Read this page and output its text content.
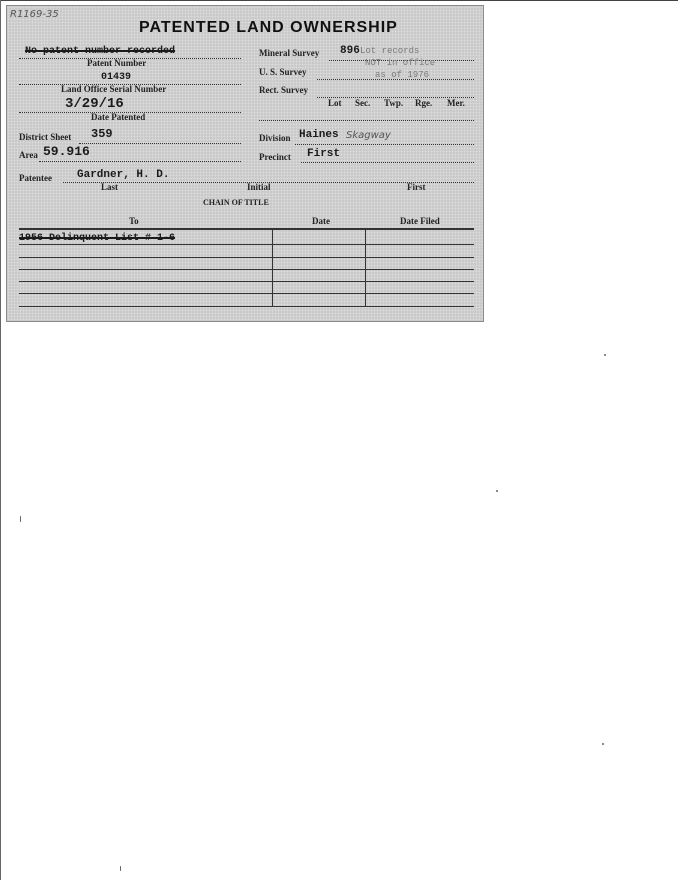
R1169-35
PATENTED LAND OWNERSHIP
No patent number recorded
Patent Number
01439
Land Office Serial Number
3/29/16
Date Patented
District Sheet 359
Area 59.916
Mineral Survey 896 Lot records
NOT in office
as of 1976
U. S. Survey
Rect. Survey
Lot Sec. Twp. Rge. Mer.
Division Haines Skagway
Precinct First
Patentee Gardner, H. D.
Last	Initial	First
CHAIN OF TITLE
To	Date	Date Filed
1956 Delinquent List # 1-6
